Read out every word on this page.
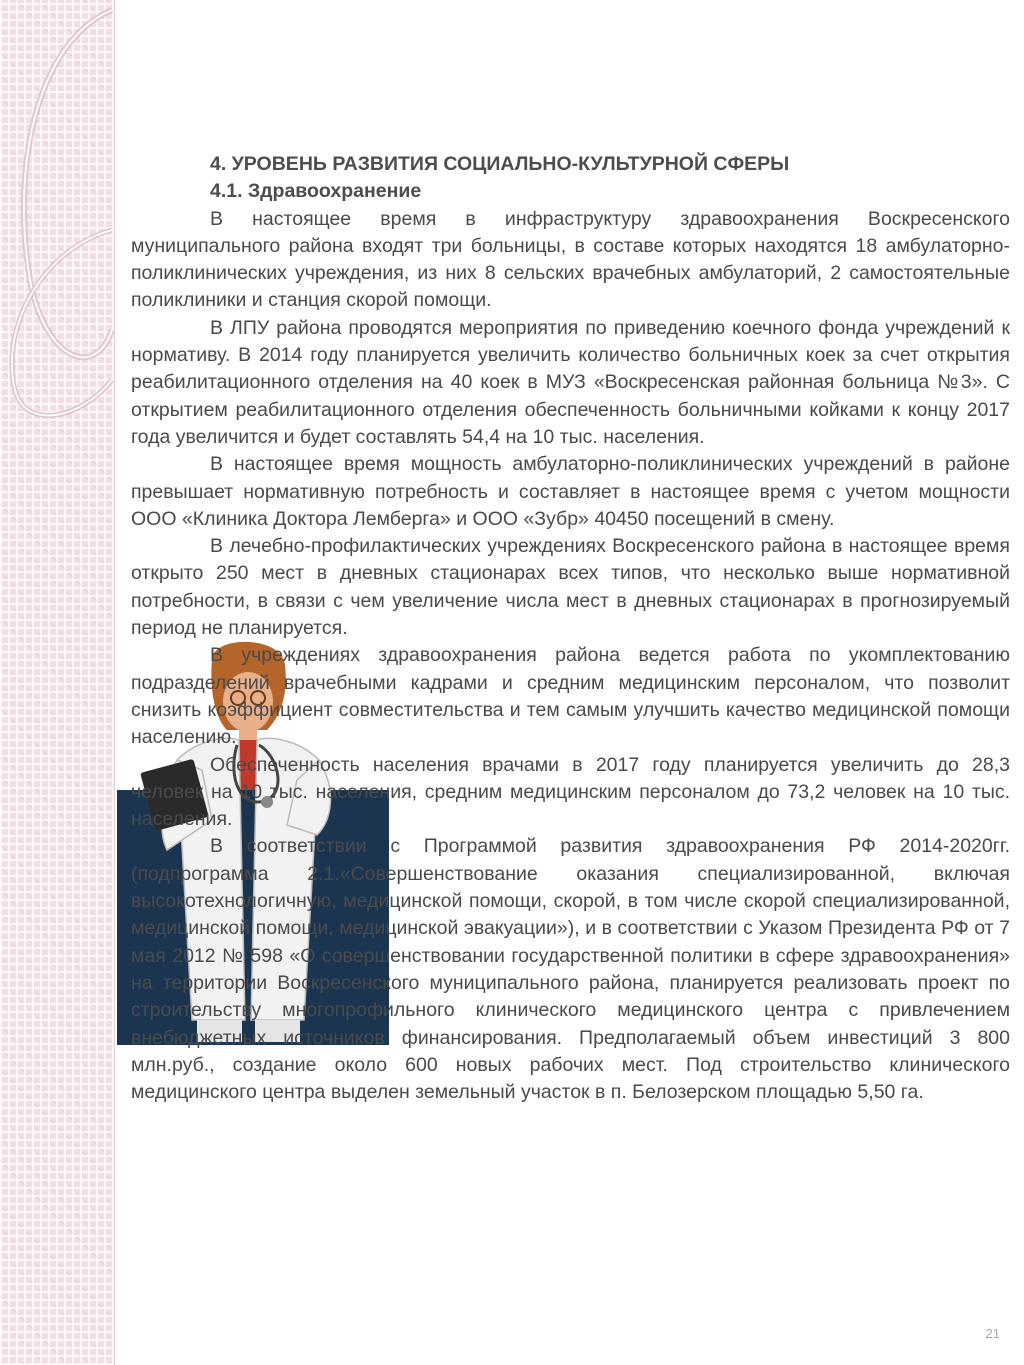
4. УРОВЕНЬ РАЗВИТИЯ СОЦИАЛЬНО-КУЛЬТУРНОЙ СФЕРЫ
4.1. Здравоохранение

В настоящее время в инфраструктуру здравоохранения Воскресенского муниципального района входят три больницы, в составе которых находятся 18 амбулаторно-поликлинических учреждения, из них 8 сельских врачебных амбулаторий, 2 самостоятельные поликлиники и станция скорой помощи.

В ЛПУ района проводятся мероприятия по приведению коечного фонда учреждений к нормативу. В 2014 году планируется увеличить количество больничных коек за счет открытия реабилитационного отделения на 40 коек в МУЗ «Воскресенская районная больница №3». С открытием реабилитационного отделения обеспеченность больничными койками к концу 2017 года увеличится и будет составлять 54,4 на 10 тыс. населения.

В настоящее время мощность амбулаторно-поликлинических учреждений в районе превышает нормативную потребность и составляет в настоящее время с учетом мощности ООО «Клиника Доктора Лемберга» и ООО «Зубр» 40450 посещений в смену.

В лечебно-профилактических учреждениях Воскресенского района в настоящее время открыто 250 мест в дневных стационарах всех типов, что несколько выше нормативной потребности, в связи с чем увеличение числа мест в дневных стационарах в прогнозируемый период не планируется.

В учреждениях здравоохранения района ведется работа по укомплектованию подразделений врачебными кадрами и средним медицинским персоналом, что позволит снизить коэффициент совместительства и тем самым улучшить качество медицинской помощи населению.

Обеспеченность населения врачами в 2017 году планируется увеличить до 28,3 человек на 10 тыс. населения, средним медицинским персоналом до 73,2 человек на 10 тыс. населения.

В соответствии с Программой развития здравоохранения РФ 2014-2020гг. (подпрограмма 2.1.«Совершенствование оказания специализированной, включая высокотехнологичную, медицинской помощи, скорой, в том числе скорой специализированной, медицинской помощи, медицинской эвакуации»), и в соответствии с Указом Президента РФ от 7 мая 2012 № 598 «О совершенствовании государственной политики в сфере здравоохранения» на территории Воскресенского муниципального района, планируется реализовать проект по строительству многопрофильного клинического медицинского центра с привлечением внебюджетных источников финансирования. Предполагаемый объем инвестиций 3 800 млн.руб., создание около 600 новых рабочих мест. Под строительство клинического медицинского центра выделен земельный участок в п. Белозерском площадью 5,50 га.

21
